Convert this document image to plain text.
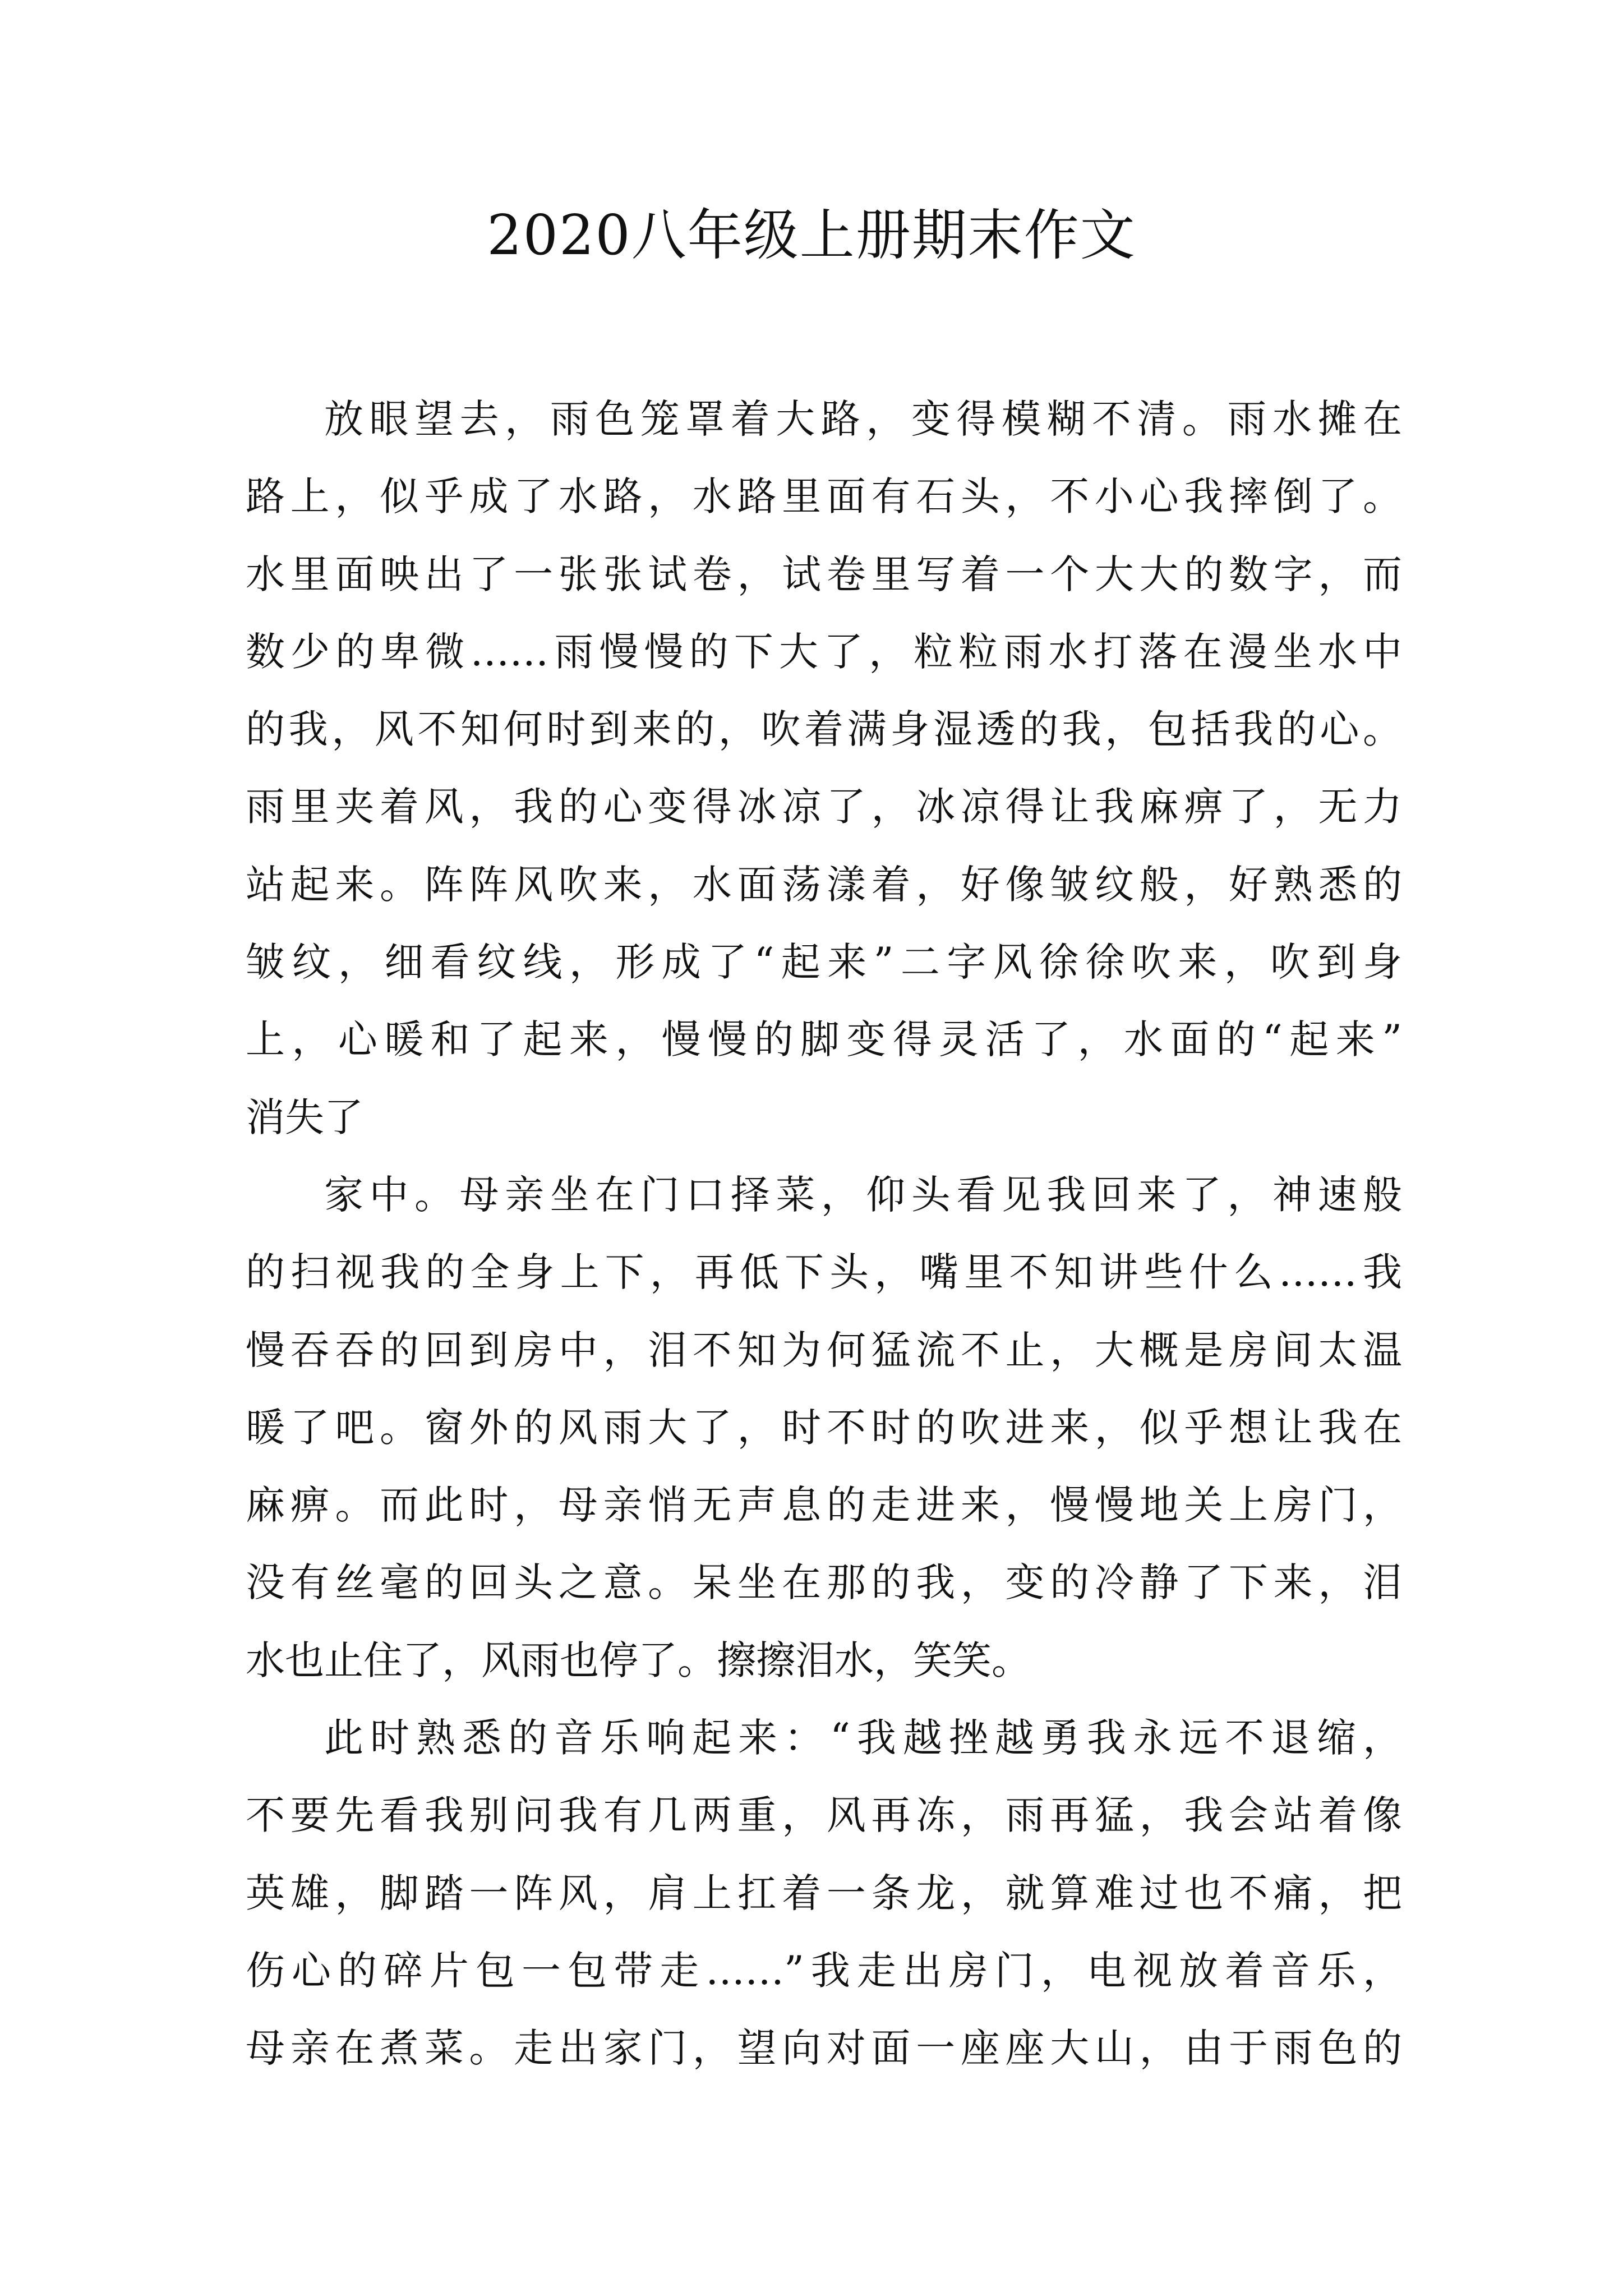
2020八年级上册期末作文
放眼望去，雨色笼罩着大路，变得模糊不清。雨水摊在
路上，似乎成了水路，水路里面有石头，不小心我摔倒了。
水里面映出了一张张试卷，试卷里写着一个大大的数字，而
数少的卑微……雨慢慢的下大了，粒粒雨水打落在漫坐水中
的我，风不知何时到来的，吹着满身湿透的我，包括我的心。
雨里夹着风，我的心变得冰凉了，冰凉得让我麻痹了，无力
站起来。阵阵风吹来，水面荡漾着，好像皱纹般，好熟悉的
皱纹，细看纹线，形成了“起来”二字风徐徐吹来，吹到身
上，心暖和了起来，慢慢的脚变得灵活了，水面的“起来”
消失了
家中。母亲坐在门口择菜，仰头看见我回来了，神速般
的扫视我的全身上下，再低下头，嘴里不知讲些什么……我
慢吞吞的回到房中，泪不知为何猛流不止，大概是房间太温
暖了吧。窗外的风雨大了，时不时的吹进来，似乎想让我在
麻痹。而此时，母亲悄无声息的走进来，慢慢地关上房门，
没有丝毫的回头之意。呆坐在那的我，变的冷静了下来，泪
水也止住了，风雨也停了。擦擦泪水，笑笑。
此时熟悉的音乐响起来：“我越挫越勇我永远不退缩，
不要先看我别问我有几两重，风再冻，雨再猛，我会站着像
英雄，脚踏一阵风，肩上扛着一条龙，就算难过也不痛，把
伤心的碎片包一包带走……”我走出房门，电视放着音乐，
母亲在煮菜。走出家门，望向对面一座座大山，由于雨色的
